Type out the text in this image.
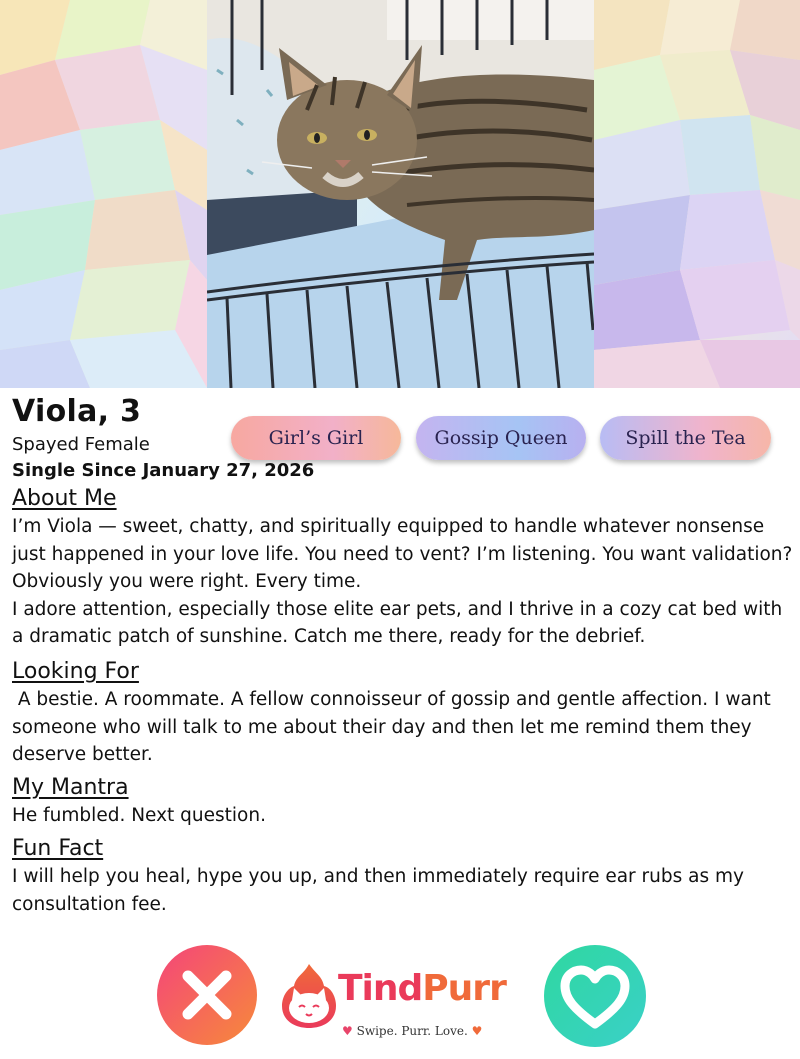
Viola, 3
Spayed Female
Single Since January 27, 2026
Girl’s Girl	Gossip Queen	Spill the Tea
About Me

I’m Viola — sweet, chatty, and spiritually equipped to handle whatever nonsense just happened in your love life. You need to vent? I’m listening. You want validation? Obviously you were right. Every time.
I adore attention, especially those elite ear pets, and I thrive in a cozy cat bed with a dramatic patch of sunshine. Catch me there, ready for the debrief.

Looking For

A bestie. A roommate. A fellow connoisseur of gossip and gentle affection. I want someone who will talk to me about their day and then let me remind them they deserve better.

My Mantra

He fumbled. Next question.

Fun Fact

I will help you heal, hype you up, and then immediately require ear rubs as my consultation fee.

TindPurr
♥ Swipe. Purr. Love. ♥
